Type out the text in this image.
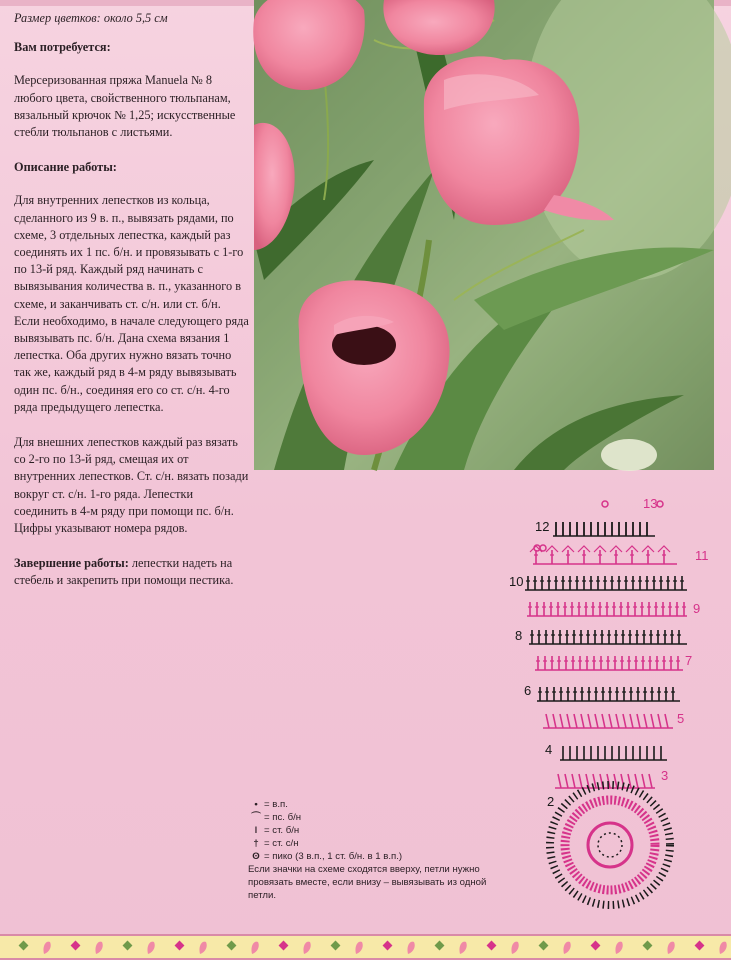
Размер цветков: около 5,5 см

Вам потребуется:

Мерсеризованная пряжа Manuela № 8 любого цвета, свойственного тюльпанам, вязальный крючок № 1,25; искусственные стебли тюльпанов с листьями.

Описание работы:

Для внутренних лепестков из кольца, сделанного из 9 в. п., вывязать рядами, по схеме, 3 отдельных лепестка, каждый раз соединять их 1 пс. б/н. и провязывать с 1-го по 13-й ряд. Каждый ряд начинать с вывязывания количества в. п., указанного в схеме, и заканчивать ст. с/н. или ст. б/н. Если необходимо, в начале следующего ряда вывязывать пс. б/н. Дана схема вязания 1 лепестка. Оба других нужно вязать точно так же, каждый ряд в 4-м ряду вывязывать один пс. б/н., соединяя его со ст. с/н. 4-го ряда предыдущего лепестка.

Для внешних лепестков каждый раз вязать со 2-го по 13-й ряд, смещая их от внутренних лепестков. Ст. с/н. вязать позади вокруг ст. с/н. 1-го ряда. Лепестки соединить в 4-м ряду при помощи пс. б/н. Цифры указывают номера рядов.

Завершение работы: лепестки надеть на стебель и закрепить при помощи пестика.

2
3
4
5
6
7
8
9
10
11
12
13
• = в.п.
⌒ = пс. б/н
ǀ = ст. б/н
† = ст. с/н
ʘ = пико (3 в.п., 1 ст. б/н. в 1 в.п.)
Если значки на схеме сходятся вверху, петли нужно провязать вместе, если внизу – вывязывать из одной петли.
